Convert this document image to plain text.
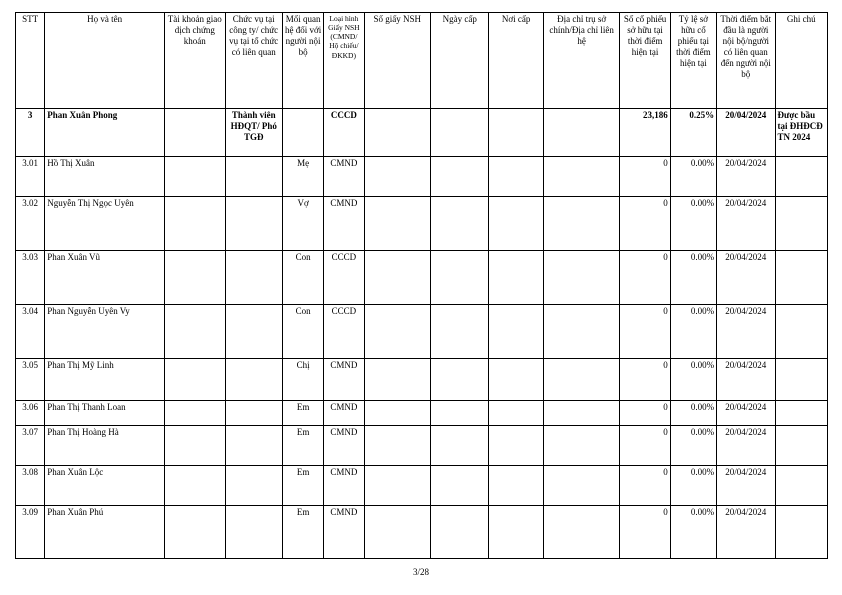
STT	Họ và tên	Tài khoản giao dịch chứng khoán	Chức vụ tại công ty/ chức vụ tại tổ chức có liên quan	Mối quan hệ đối với người nội bộ	Loại hình Giấy NSH (CMND/ Hộ chiếu/ ĐKKD)	Số giấy NSH	Ngày cấp	Nơi cấp	Địa chỉ trụ sở chính/Địa chỉ liên hệ	Số cổ phiếu sở hữu tại thời điểm hiện tại	Tỷ lệ sở hữu cổ phiếu tại thời điểm hiện tại	Thời điểm bắt đầu là người nội bộ/người có liên quan đến người nội bộ	Ghi chú
3	Phan Xuân Phong		Thành viên HĐQT/ Phó TGĐ		CCCD					23,186	0.25%	20/04/2024	Được bầu tại ĐHĐCĐ TN 2024
3.01	Hồ Thị Xuân			Mẹ	CMND					0	0.00%	20/04/2024	
3.02	Nguyễn Thị Ngọc Uyên			Vợ	CMND					0	0.00%	20/04/2024	
3.03	Phan Xuân Vũ			Con	CCCD					0	0.00%	20/04/2024	
3.04	Phan Nguyễn Uyên Vy			Con	CCCD					0	0.00%	20/04/2024	
3.05	Phan Thị Mỹ Linh			Chị	CMND					0	0.00%	20/04/2024	
3.06	Phan Thị Thanh Loan			Em	CMND					0	0.00%	20/04/2024	
3.07	Phan Thị Hoàng Hà			Em	CMND					0	0.00%	20/04/2024	
3.08	Phan Xuân Lộc			Em	CMND					0	0.00%	20/04/2024	
3.09	Phan Xuân Phú			Em	CMND					0	0.00%	20/04/2024	
3/28
